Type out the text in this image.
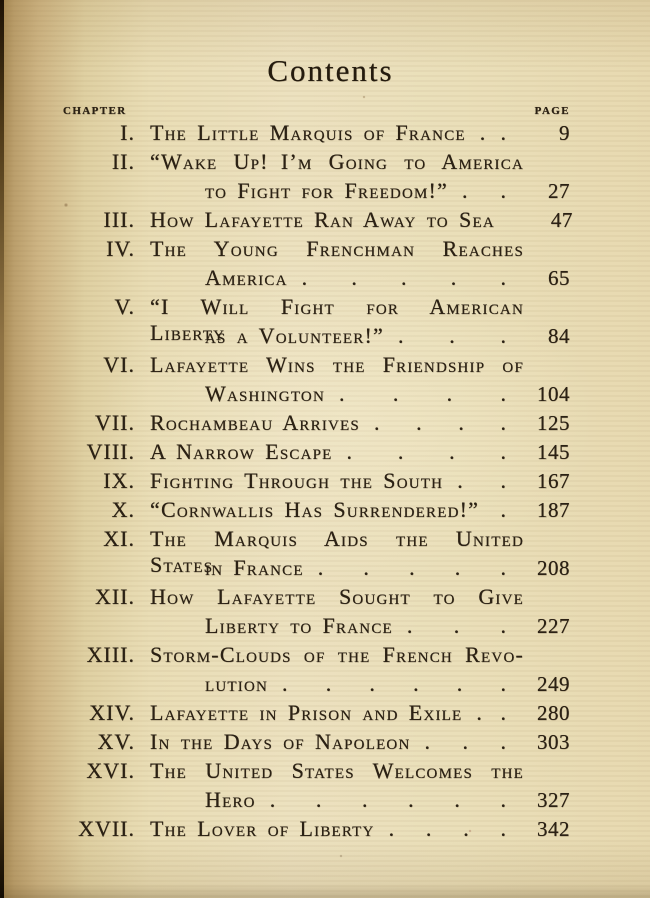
Contents
CHAPTER	PAGE
I. The Little Marquis of France . .	9
II. “Wake Up! I’m Going to America
to Fight for Freedom!” . .	27
III. How Lafayette Ran Away to Sea	47
IV. The Young Frenchman Reaches
America . . . . .	65
V. “I Will Fight for American Liberty
as a Volunteer!” . . .	84
VI. Lafayette Wins the Friendship of
Washington . . . .	104
VII. Rochambeau Arrives . . . .	125
VIII. A Narrow Escape . . . .	145
IX. Fighting Through the South . .	167
X. “Cornwallis Has Surrendered!” .	187
XI. The Marquis Aids the United States
in France . . . . .	208
XII. How Lafayette Sought to Give
Liberty to France . . .	227
XIII. Storm-Clouds of the French Revo-
lution . . . . . .	249
XIV. Lafayette in Prison and Exile . .	280
XV. In the Days of Napoleon . . .	303
XVI. The United States Welcomes the
Hero . . . . . .	327
XVII. The Lover of Liberty . . . .	342
